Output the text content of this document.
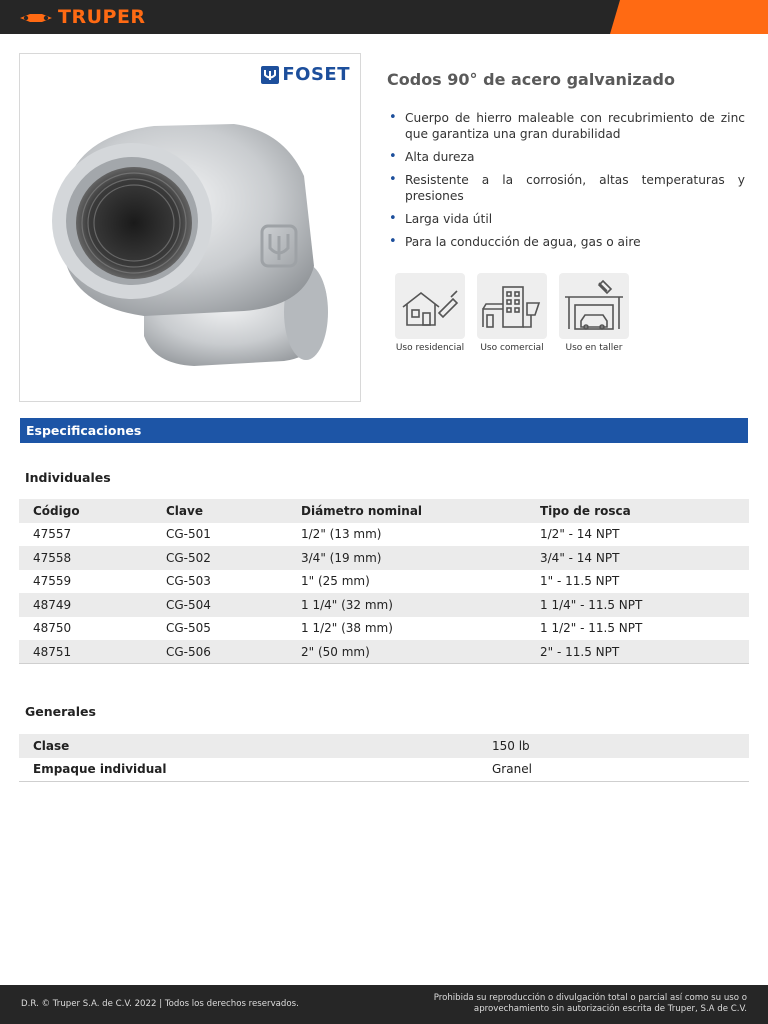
TRUPER
FOSET Codos 90° de acero galvanizado
• Cuerpo de hierro maleable con recubrimiento de zinc que garantiza una gran durabilidad
• Alta dureza
• Resistente a la corrosión, altas temperaturas y presiones
• Larga vida útil
• Para la conducción de agua, gas o aire
Uso residencial Uso comercial Uso en taller
Especificaciones
Individuales
Código	Clave	Diámetro nominal	Tipo de rosca
47557	CG-501	1/2" (13 mm)	1/2" - 14 NPT
47558	CG-502	3/4" (19 mm)	3/4" - 14 NPT
47559	CG-503	1" (25 mm)	1" - 11.5 NPT
48749	CG-504	1 1/4" (32 mm)	1 1/4" - 11.5 NPT
48750	CG-505	1 1/2" (38 mm)	1 1/2" - 11.5 NPT
48751	CG-506	2" (50 mm)	2" - 11.5 NPT
Generales
Clase	150 lb
Empaque individual	Granel
D.R. © Truper S.A. de C.V. 2022 | Todos los derechos reservados.
Prohibida su reproducción o divulgación total o parcial así como su uso o
aprovechamiento sin autorización escrita de Truper, S.A de C.V.
